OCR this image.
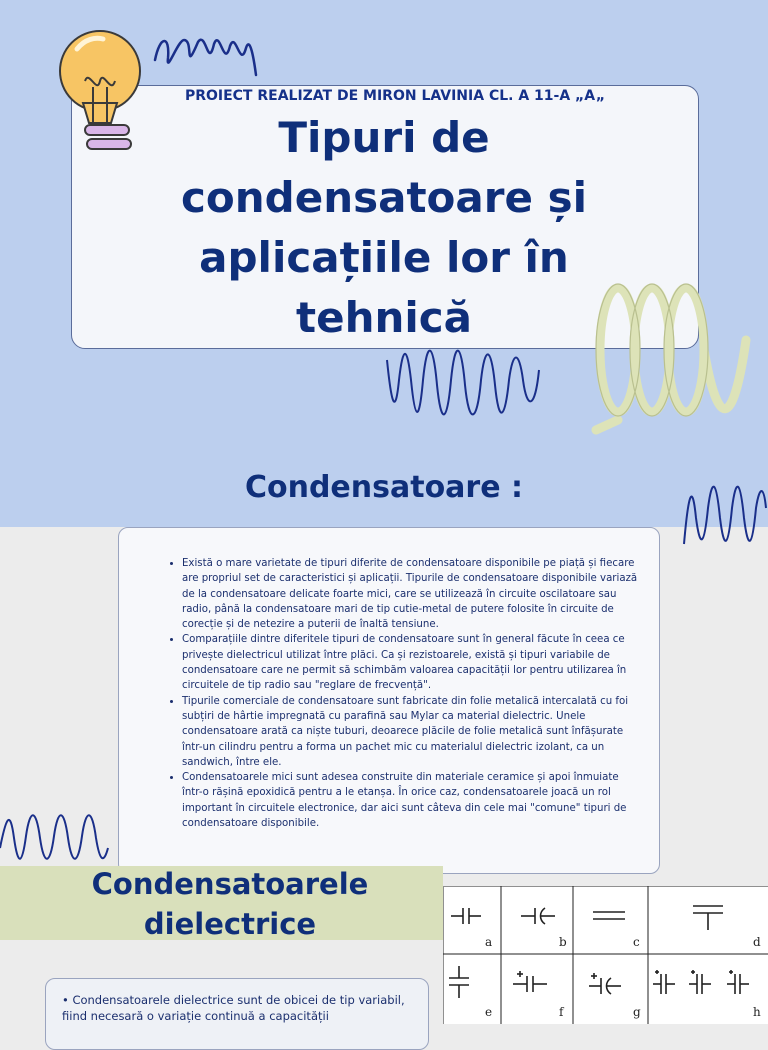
PROIECT REALIZAT DE MIRON LAVINIA CL. A 11-A „A„

Tipuri de
condensatoare și
aplicațiile lor în
tehnică
Condensatoare :
• Există o mare varietate de tipuri diferite de condensatoare disponibile pe piață și fiecare are propriul set de caracteristici și aplicații. Tipurile de condensatoare disponibile variază de la condensatoare delicate foarte mici, care se utilizează în circuite oscilatoare sau radio, până la condensatoare mari de tip cutie-metal de putere folosite în circuite de corecție și de netezire a puterii de înaltă tensiune.
• Comparațiile dintre diferitele tipuri de condensatoare sunt în general făcute în ceea ce privește dielectricul utilizat între plăci. Ca și rezistoarele, există și tipuri variabile de condensatoare care ne permit să schimbăm valoarea capacității lor pentru utilizarea în circuitele de tip radio sau "reglare de frecvență".
• Tipurile comerciale de condensatoare sunt fabricate din folie metalică intercalată cu foi subțiri de hârtie impregnată cu parafină sau Mylar ca material dielectric. Unele condensatoare arată ca niște tuburi, deoarece plăcile de folie metalică sunt înfășurate într-un cilindru pentru a forma un pachet mic cu materialul dielectric izolant, ca un sandwich, între ele.
• Condensatoarele mici sunt adesea construite din materiale ceramice și apoi înmuiate într-o rășină epoxidică pentru a le etanșa. În orice caz, condensatoarele joacă un rol important în circuitele electronice, dar aici sunt câteva din cele mai "comune" tipuri de condensatoare disponibile.
Condensatoarele
dielectrice
• Condensatoarele dielectrice sunt de obicei de tip variabil, fiind necesară o variație continuă a capacității
a	b	c	d
e	f	g	h
